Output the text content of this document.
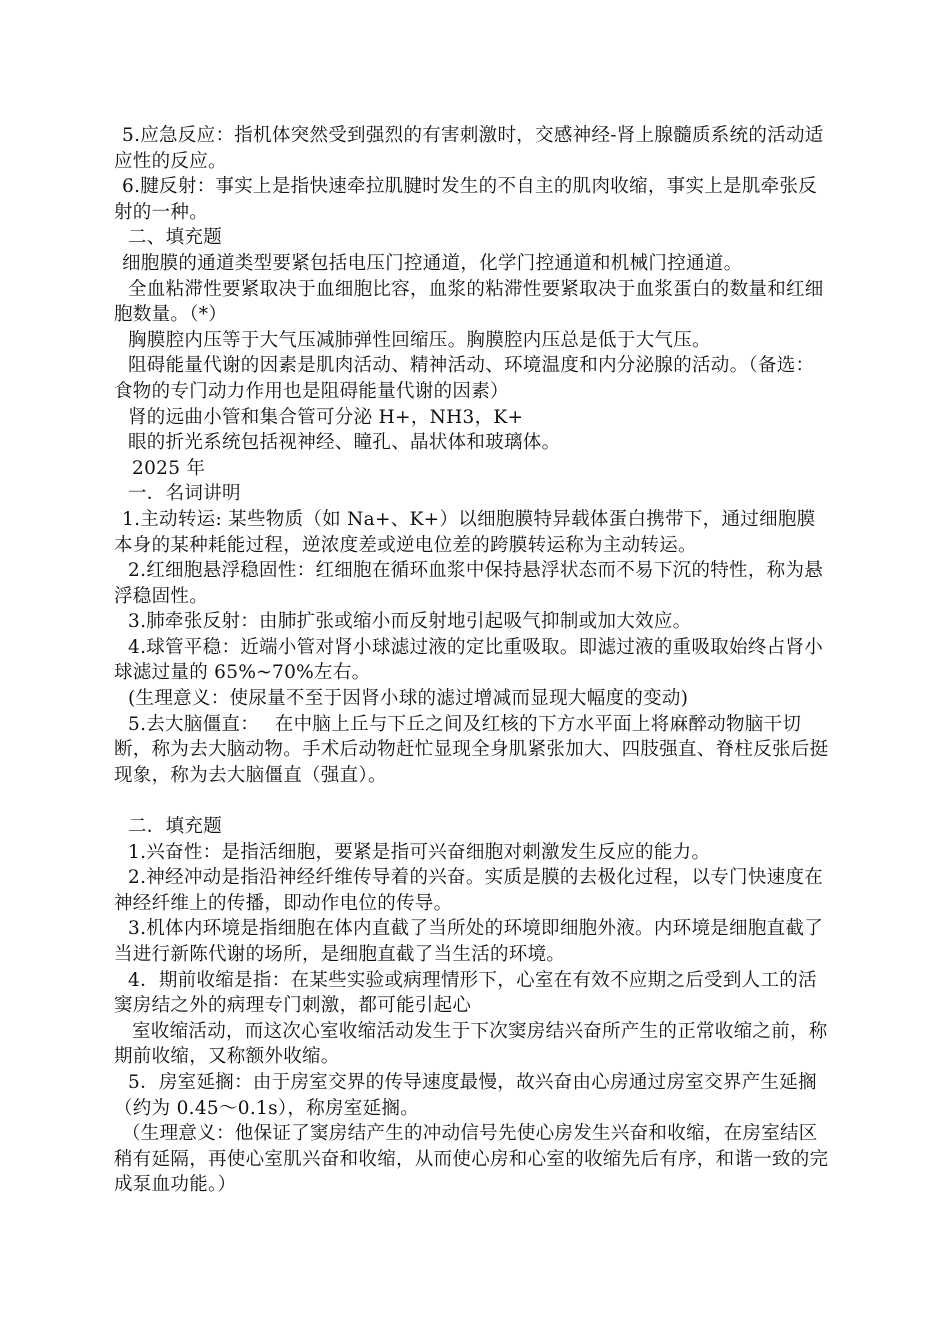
5.应急反应：指机体突然受到强烈的有害刺激时，交感神经-肾上腺髓质系统的活动适应性的反应。

6.腱反射：事实上是指快速牵拉肌腱时发生的不自主的肌肉收缩，事实上是肌牵张反射的一种。

二、填充题

细胞膜的通道类型要紧包括电压门控通道，化学门控通道和机械门控通道。

全血粘滞性要紧取决于血细胞比容，血浆的粘滞性要紧取决于血浆蛋白的数量和红细胞数量。（*）

胸膜腔内压等于大气压减肺弹性回缩压。胸膜腔内压总是低于大气压。

阻碍能量代谢的因素是肌肉活动、精神活动、环境温度和内分泌腺的活动。（备选：食物的专门动力作用也是阻碍能量代谢的因素）

肾的远曲小管和集合管可分泌 H+，NH3，K+

眼的折光系统包括视神经、瞳孔、晶状体和玻璃体。

2025 年

一．名词讲明

1.主动转运: 某些物质（如 Na+、K+）以细胞膜特异载体蛋白携带下，通过细胞膜本身的某种耗能过程，逆浓度差或逆电位差的跨膜转运称为主动转运。

2.红细胞悬浮稳固性：红细胞在循环血浆中保持悬浮状态而不易下沉的特性，称为悬浮稳固性。

3.肺牵张反射：由肺扩张或缩小而反射地引起吸气抑制或加大效应。

4.球管平稳：近端小管对肾小球滤过液的定比重吸取。即滤过液的重吸取始终占肾小球滤过量的 65%~70%左右。

(生理意义：使尿量不至于因肾小球的滤过增减而显现大幅度的变动)

5.去大脑僵直：　 在中脑上丘与下丘之间及红核的下方水平面上将麻醉动物脑干切断，称为去大脑动物。手术后动物赶忙显现全身肌紧张加大、四肢强直、脊柱反张后挺现象，称为去大脑僵直（强直）。

二．填充题

1.兴奋性：是指活细胞，要紧是指可兴奋细胞对刺激发生反应的能力。

2.神经冲动是指沿神经纤维传导着的兴奋。实质是膜的去极化过程，以专门快速度在神经纤维上的传播，即动作电位的传导。

3.机体内环境是指细胞在体内直截了当所处的环境即细胞外液。内环境是细胞直截了当进行新陈代谢的场所，是细胞直截了当生活的环境。

4．期前收缩是指：在某些实验或病理情形下，心室在有效不应期之后受到人工的活窦房结之外的病理专门刺激，都可能引起心

室收缩活动，而这次心室收缩活动发生于下次窦房结兴奋所产生的正常收缩之前，称期前收缩，又称额外收缩。

5．房室延搁：由于房室交界的传导速度最慢，故兴奋由心房通过房室交界产生延搁（约为 0.45～0.1s），称房室延搁。

（生理意义：他保证了窦房结产生的冲动信号先使心房发生兴奋和收缩，在房室结区稍有延隔，再使心室肌兴奋和收缩，从而使心房和心室的收缩先后有序，和谐一致的完成泵血功能。）
